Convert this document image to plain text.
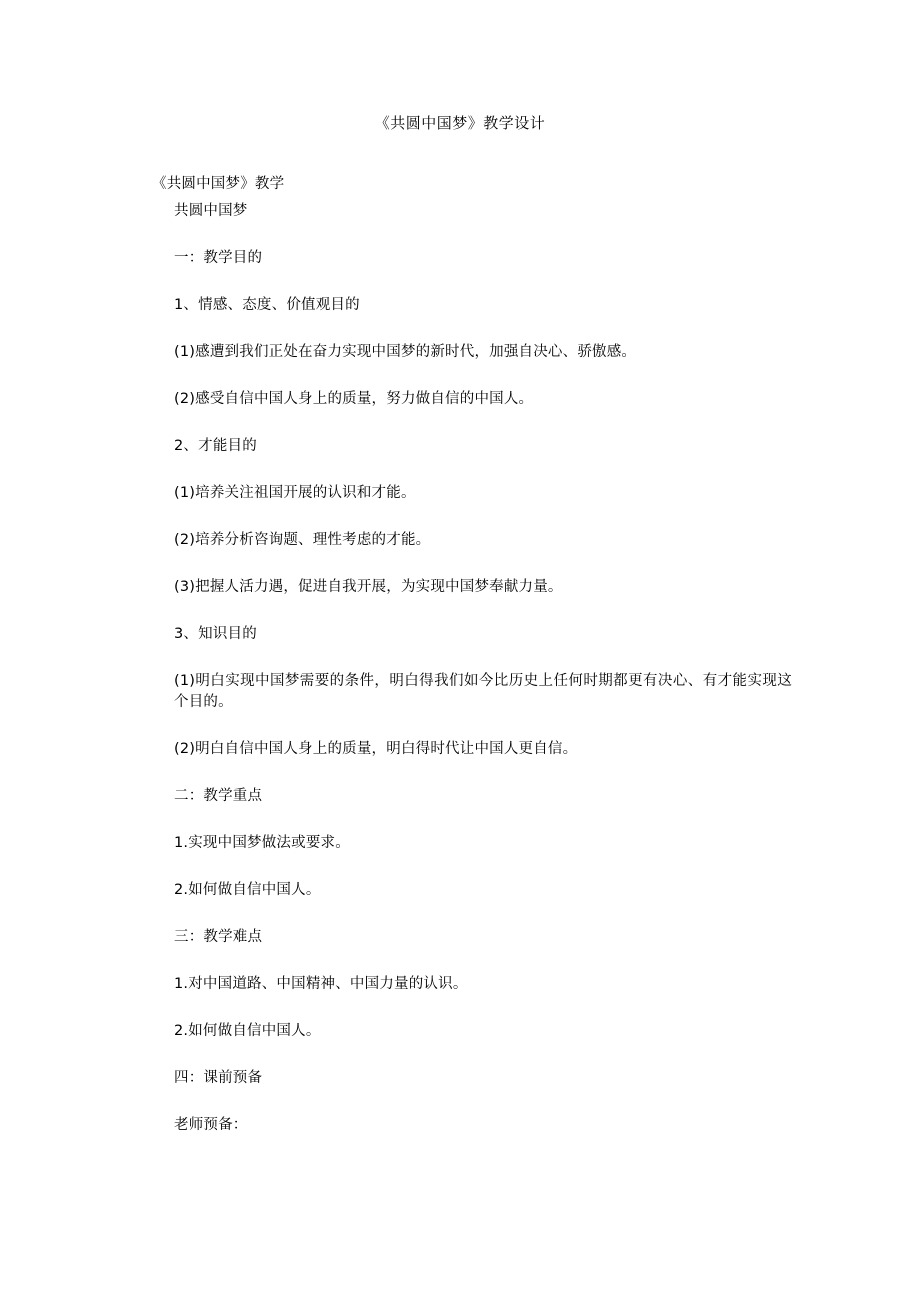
《共圆中国梦》教学设计

《共圆中国梦》教学

共圆中国梦

一：教学目的

1、情感、态度、价值观目的

(1)感遭到我们正处在奋力实现中国梦的新时代，加强自决心、骄傲感。

(2)感受自信中国人身上的质量，努力做自信的中国人。

2、才能目的

(1)培养关注祖国开展的认识和才能。

(2)培养分析咨询题、理性考虑的才能。

(3)把握人活力遇，促进自我开展，为实现中国梦奉献力量。

3、知识目的

(1)明白实现中国梦需要的条件，明白得我们如今比历史上任何时期都更有决心、有才能实现这个目的。

(2)明白自信中国人身上的质量，明白得时代让中国人更自信。

二：教学重点

1.实现中国梦做法或要求。

2.如何做自信中国人。

三：教学难点

1.对中国道路、中国精神、中国力量的认识。

2.如何做自信中国人。

四：课前预备

老师预备：
